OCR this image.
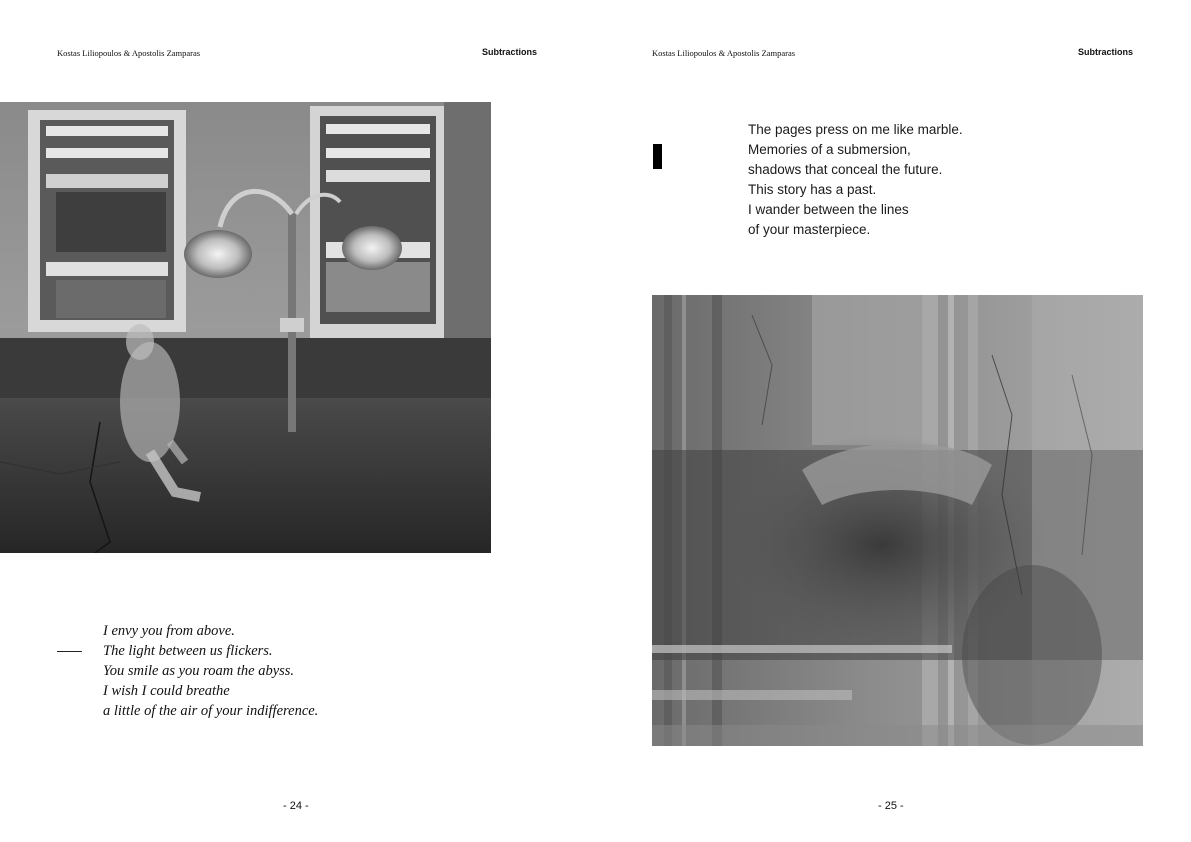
Kostas Liliopoulos & Apostolis Zamparas	Subtractions
I envy you from above.
The light between us flickers.
You smile as you roam the abyss.
I wish I could breathe
a little of the air of your indifference.
- 24 -
Kostas Liliopoulos & Apostolis Zamparas	Subtractions
The pages press on me like marble.
Memories of a submersion,
shadows that conceal the future.
This story has a past.
I wander between the lines
of your masterpiece.
- 25 -
